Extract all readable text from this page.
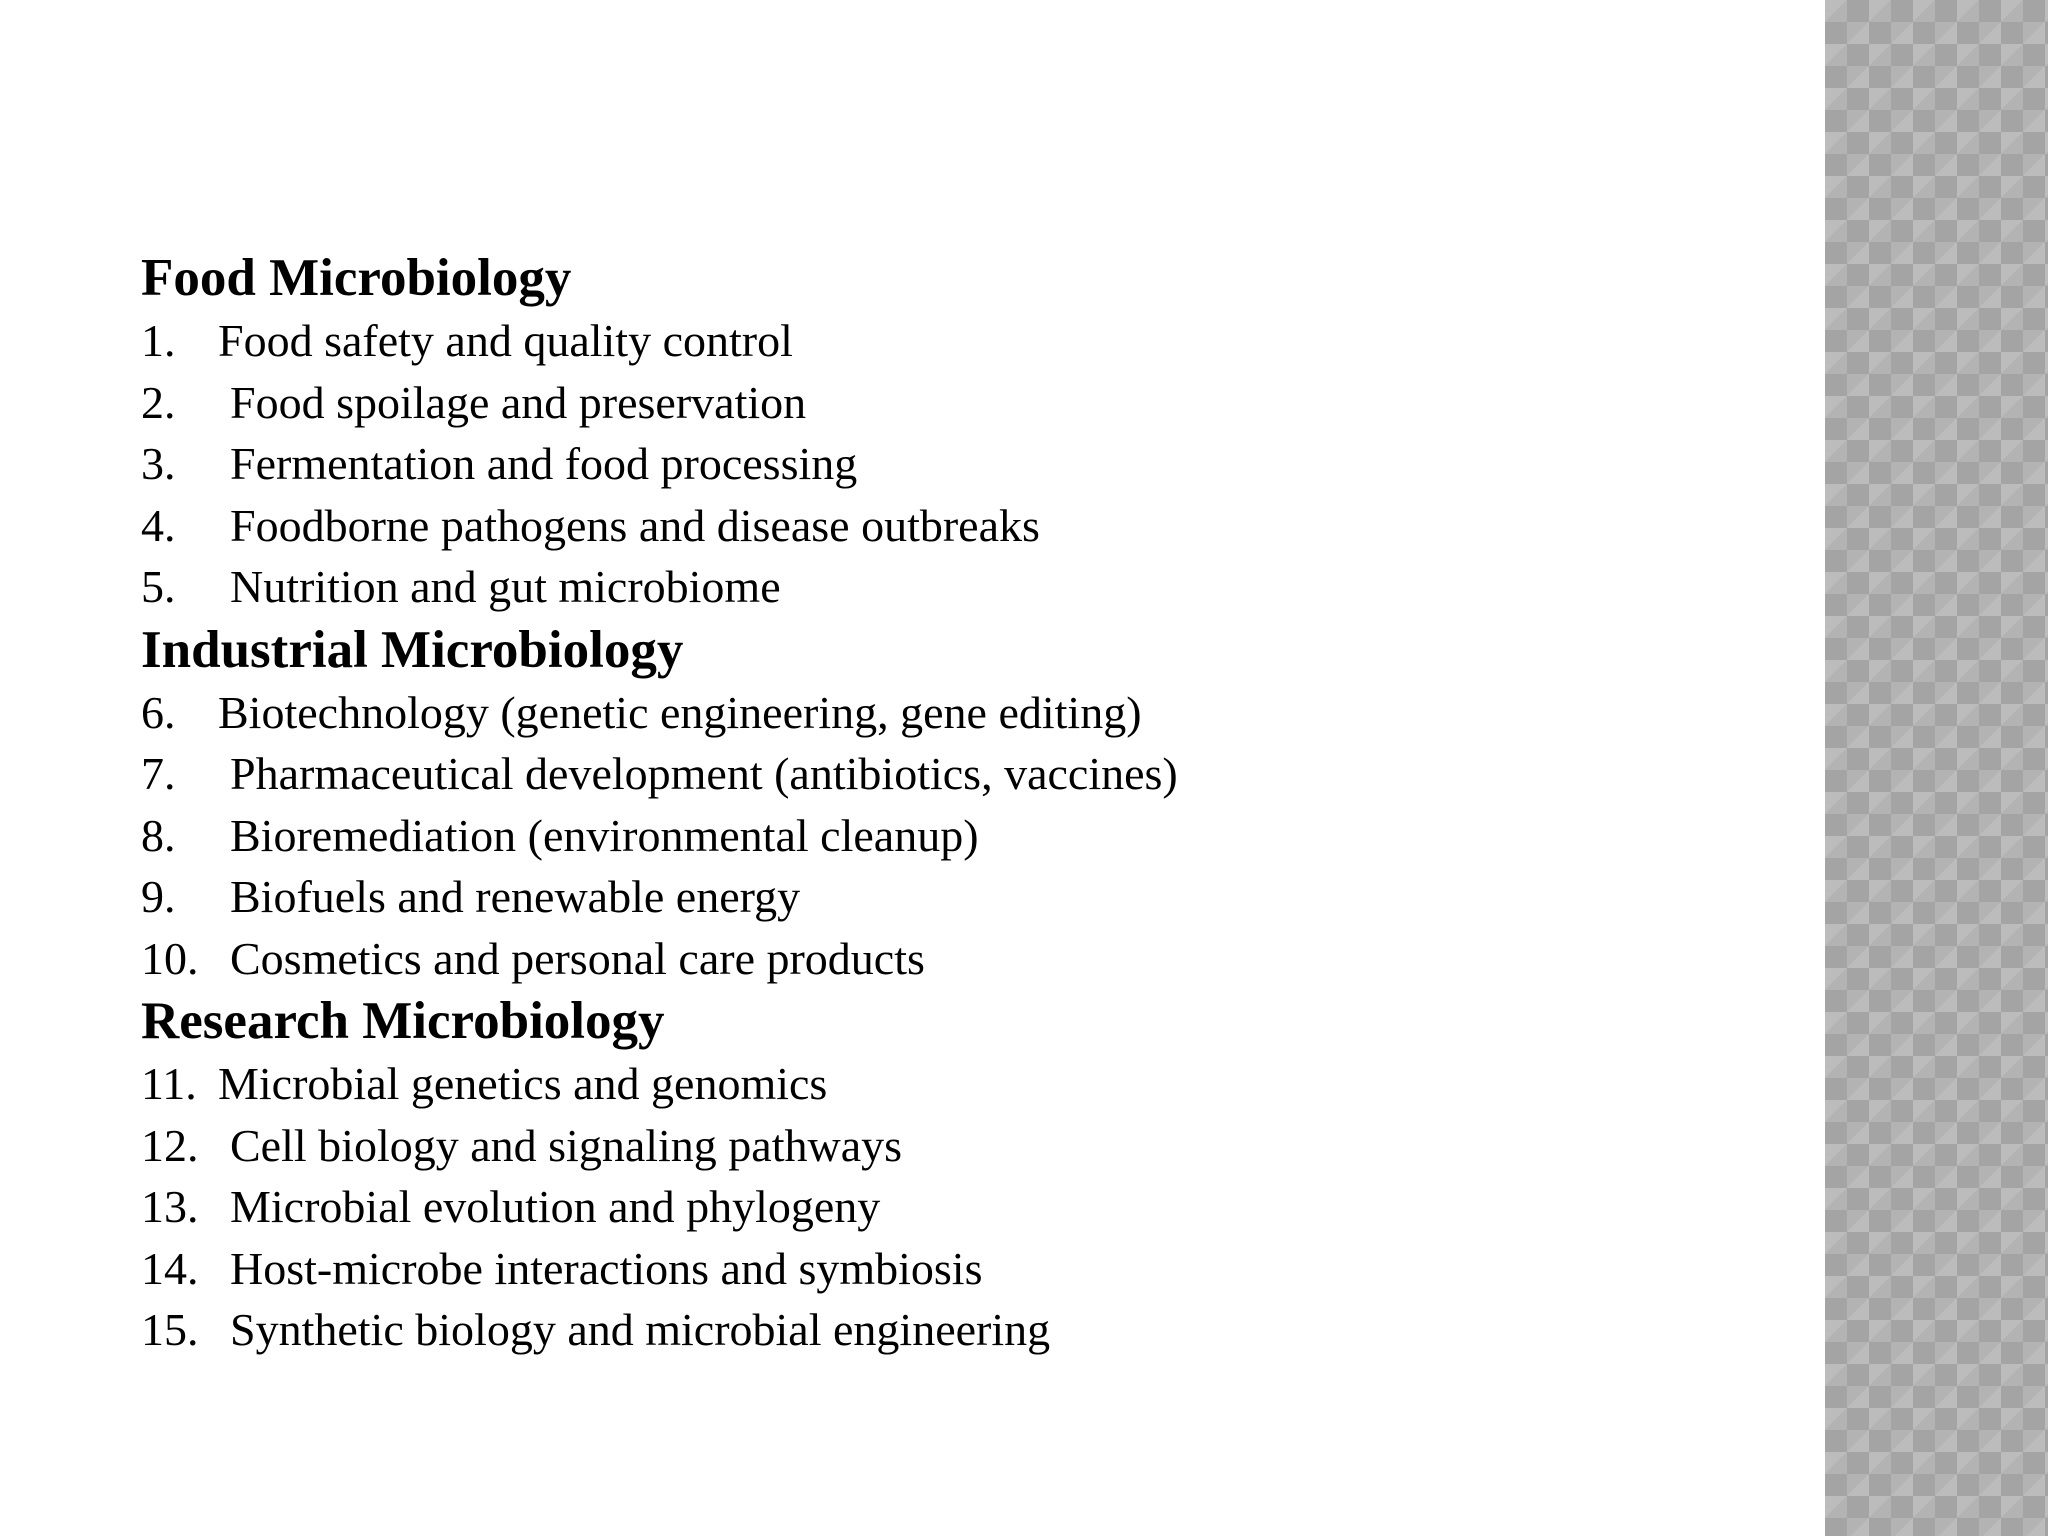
Food Microbiology
1. Food safety and quality control
2. Food spoilage and preservation
3. Fermentation and food processing
4. Foodborne pathogens and disease outbreaks
5. Nutrition and gut microbiome
Industrial Microbiology
6. Biotechnology (genetic engineering, gene editing)
7. Pharmaceutical development (antibiotics, vaccines)
8. Bioremediation (environmental cleanup)
9. Biofuels and renewable energy
10. Cosmetics and personal care products
Research Microbiology
11. Microbial genetics and genomics
12. Cell biology and signaling pathways
13. Microbial evolution and phylogeny
14. Host-microbe interactions and symbiosis
15. Synthetic biology and microbial engineering
